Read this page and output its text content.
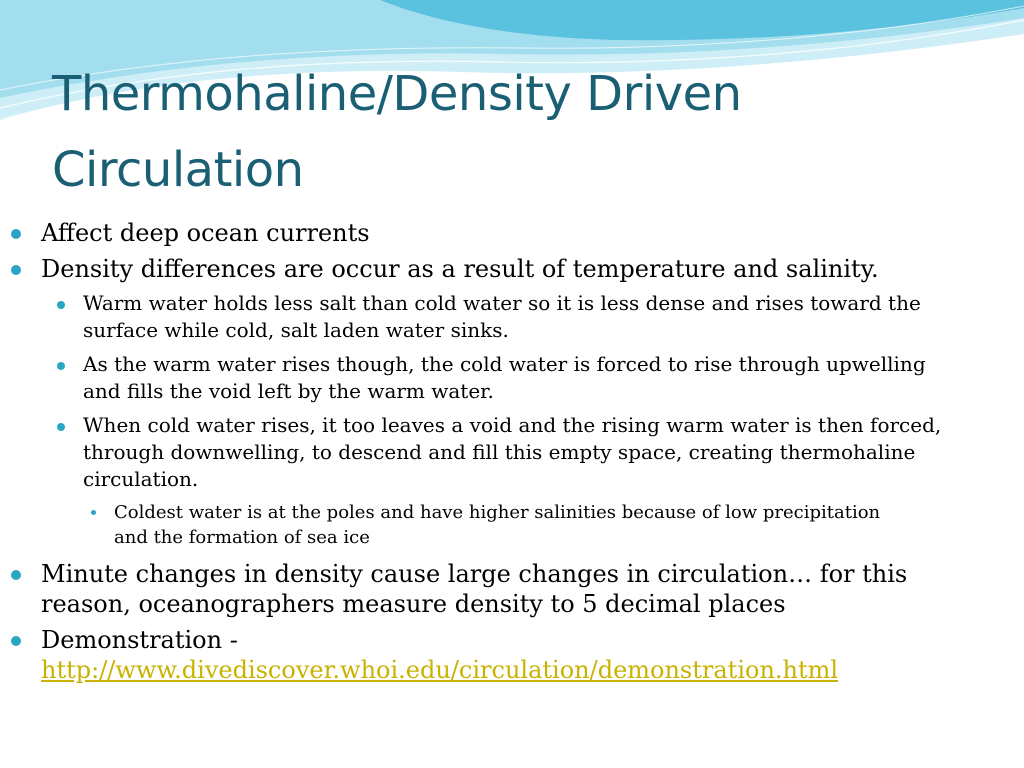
Thermohaline/Density Driven
Circulation
Affect deep ocean currents
Density differences are occur as a result of temperature and salinity.
Warm water holds less salt than cold water so it is less dense and rises toward the surface while cold, salt laden water sinks.
As the warm water rises though, the cold water is forced to rise through upwelling and fills the void left by the warm water.
When cold water rises, it too leaves a void and the rising warm water is then forced, through downwelling, to descend and fill this empty space, creating thermohaline circulation.
Coldest water is at the poles and have higher salinities because of low precipitation and the formation of sea ice
Minute changes in density cause large changes in circulation… for this reason, oceanographers measure density to 5 decimal places
Demonstration -
http://www.divediscover.whoi.edu/circulation/demonstration.html
